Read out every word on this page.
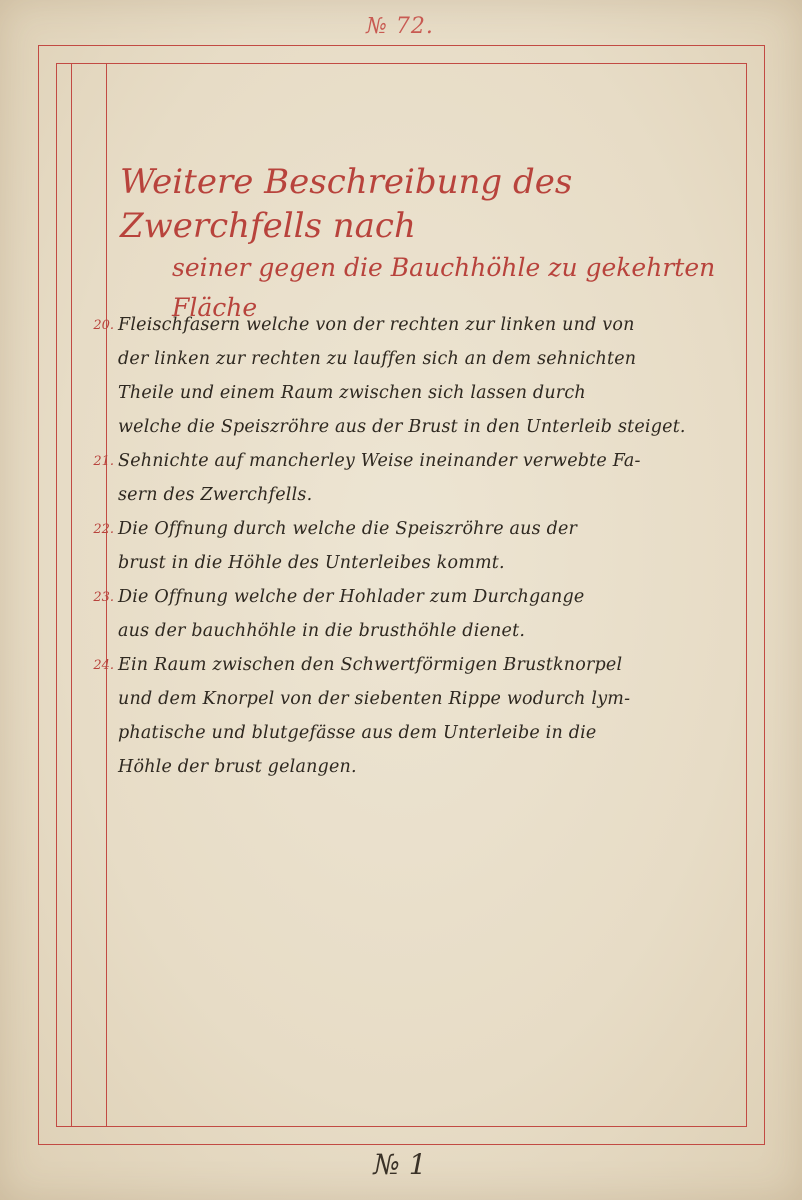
№ 72.
Weitere Beschreibung des Zwerchfells nach
seiner gegen die Bauchhöhle zu gekehrten Fläche
20. Fleischfasern welche von der rechten zur linken und von
der linken zur rechten zu lauffen sich an dem sehnichten
Theile und einem Raum zwischen sich lassen durch
welche die Speiszröhre aus der Brust in den Unterleib steiget.
21. Sehnichte auf mancherley Weise ineinander verwebte Fa-
sern des Zwerchfells.
22. Die Offnung durch welche die Speiszröhre aus der
brust in die Höhle des Unterleibes kommt.
23. Die Offnung welche der Hohlader zum Durchgange
aus der bauchhöhle in die brusthöhle dienet.
24. Ein Raum zwischen den Schwertförmigen Brustknorpel
und dem Knorpel von der siebenten Rippe wodurch lym-
phatische und blutgefässe aus dem Unterleibe in die
Höhle der brust gelangen.
№ 1
